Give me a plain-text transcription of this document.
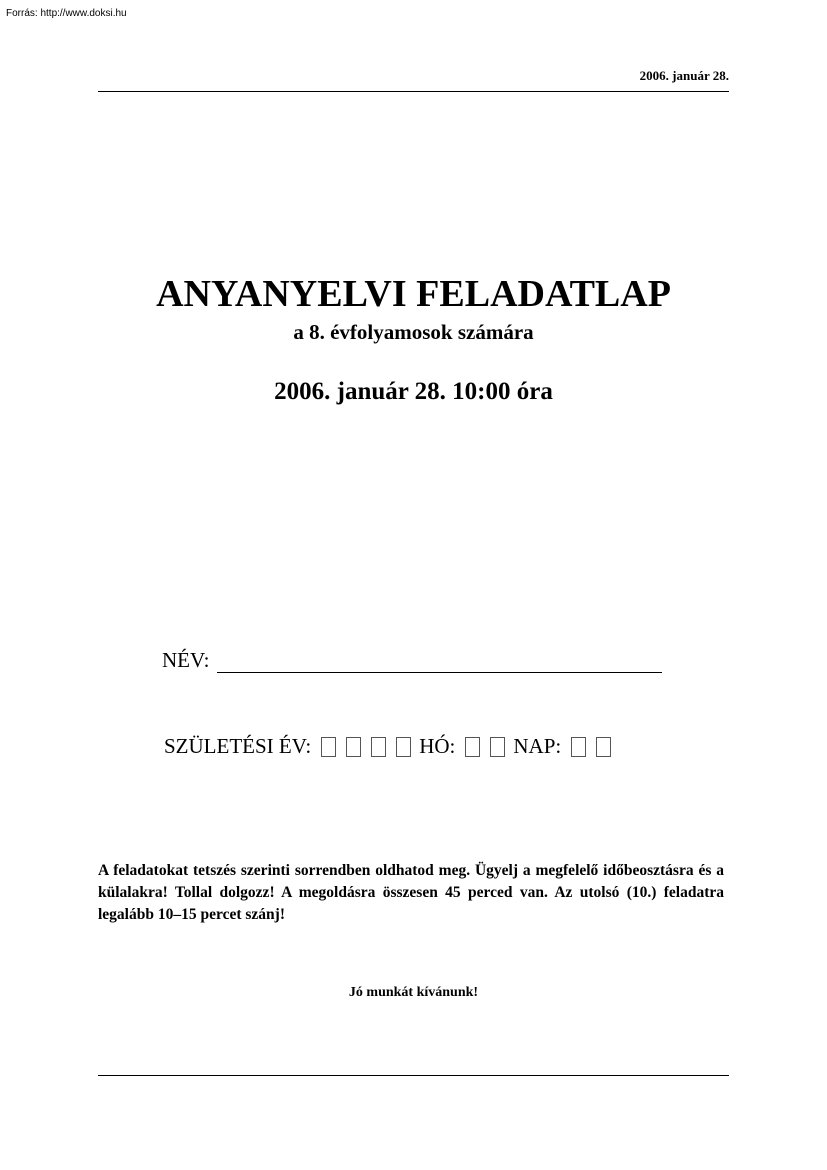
Forrás: http://www.doksi.hu
2006. január 28.
ANYANYELVI FELADATLAP
a 8. évfolyamosok számára
2006. január 28. 10:00 óra
NÉV:
SZÜLETÉSI ÉV:	HÓ:	NAP:
A feladatokat tetszés szerinti sorrendben oldhatod meg. Ügyelj a megfelelő időbeosztásra és a külalakra! Tollal dolgozz! A megoldásra összesen 45 perced van. Az utolsó (10.) feladatra legalább 10–15 percet szánj!
Jó munkát kívánunk!
